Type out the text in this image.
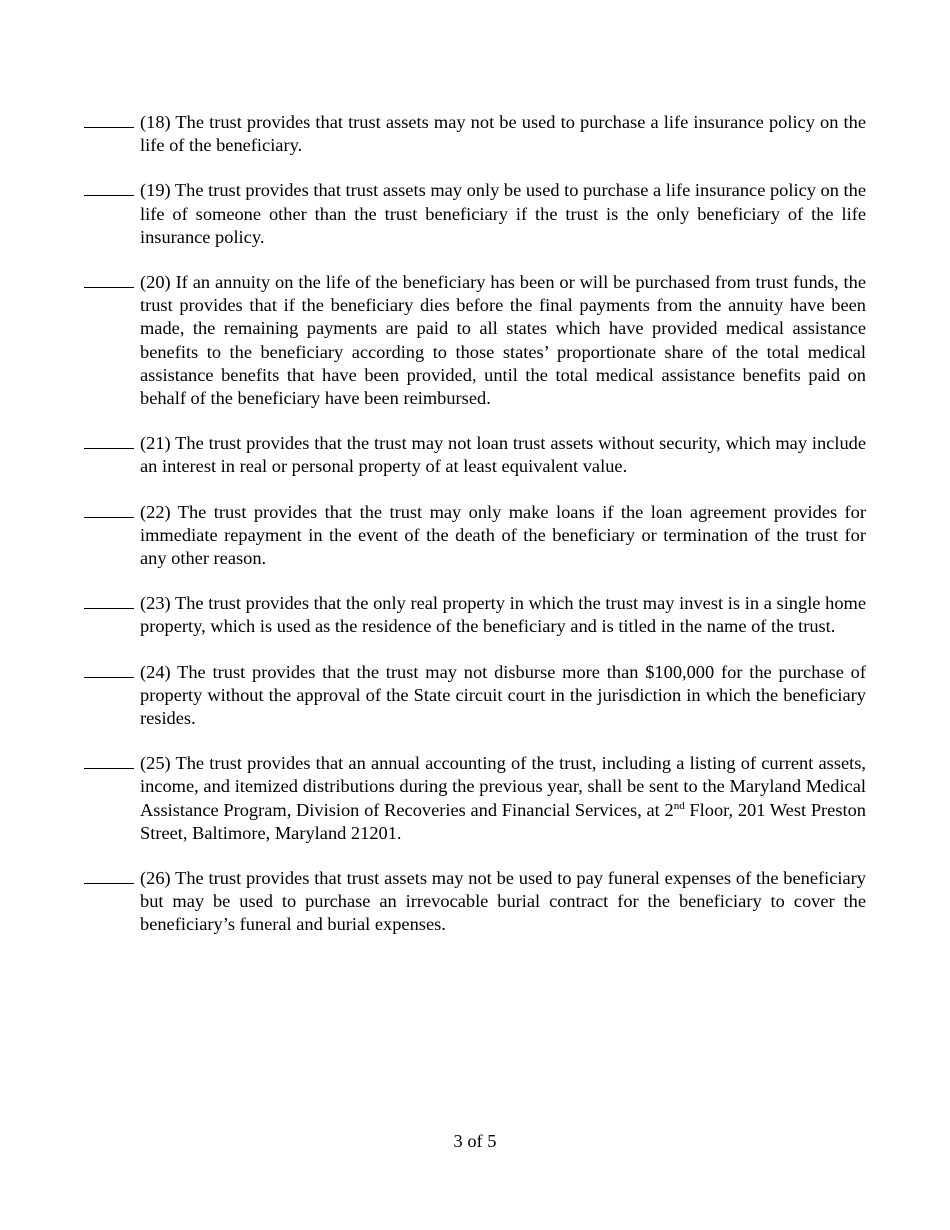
(18) The trust provides that trust assets may not be used to purchase a life insurance policy on the life of the beneficiary.
(19) The trust provides that trust assets may only be used to purchase a life insurance policy on the life of someone other than the trust beneficiary if the trust is the only beneficiary of the life insurance policy.
(20) If an annuity on the life of the beneficiary has been or will be purchased from trust funds, the trust provides that if the beneficiary dies before the final payments from the annuity have been made, the remaining payments are paid to all states which have provided medical assistance benefits to the beneficiary according to those states’ proportionate share of the total medical assistance benefits that have been provided, until the total medical assistance benefits paid on behalf of the beneficiary have been reimbursed.
(21) The trust provides that the trust may not loan trust assets without security, which may include an interest in real or personal property of at least equivalent value.
(22) The trust provides that the trust may only make loans if the loan agreement provides for immediate repayment in the event of the death of the beneficiary or termination of the trust for any other reason.
(23) The trust provides that the only real property in which the trust may invest is in a single home property, which is used as the residence of the beneficiary and is titled in the name of the trust.
(24) The trust provides that the trust may not disburse more than $100,000 for the purchase of property without the approval of the State circuit court in the jurisdiction in which the beneficiary resides.
(25) The trust provides that an annual accounting of the trust, including a listing of current assets, income, and itemized distributions during the previous year, shall be sent to the Maryland Medical Assistance Program, Division of Recoveries and Financial Services, at 2nd Floor, 201 West Preston Street, Baltimore, Maryland 21201.
(26) The trust provides that trust assets may not be used to pay funeral expenses of the beneficiary but may be used to purchase an irrevocable burial contract for the beneficiary to cover the beneficiary’s funeral and burial expenses.
3 of 5
